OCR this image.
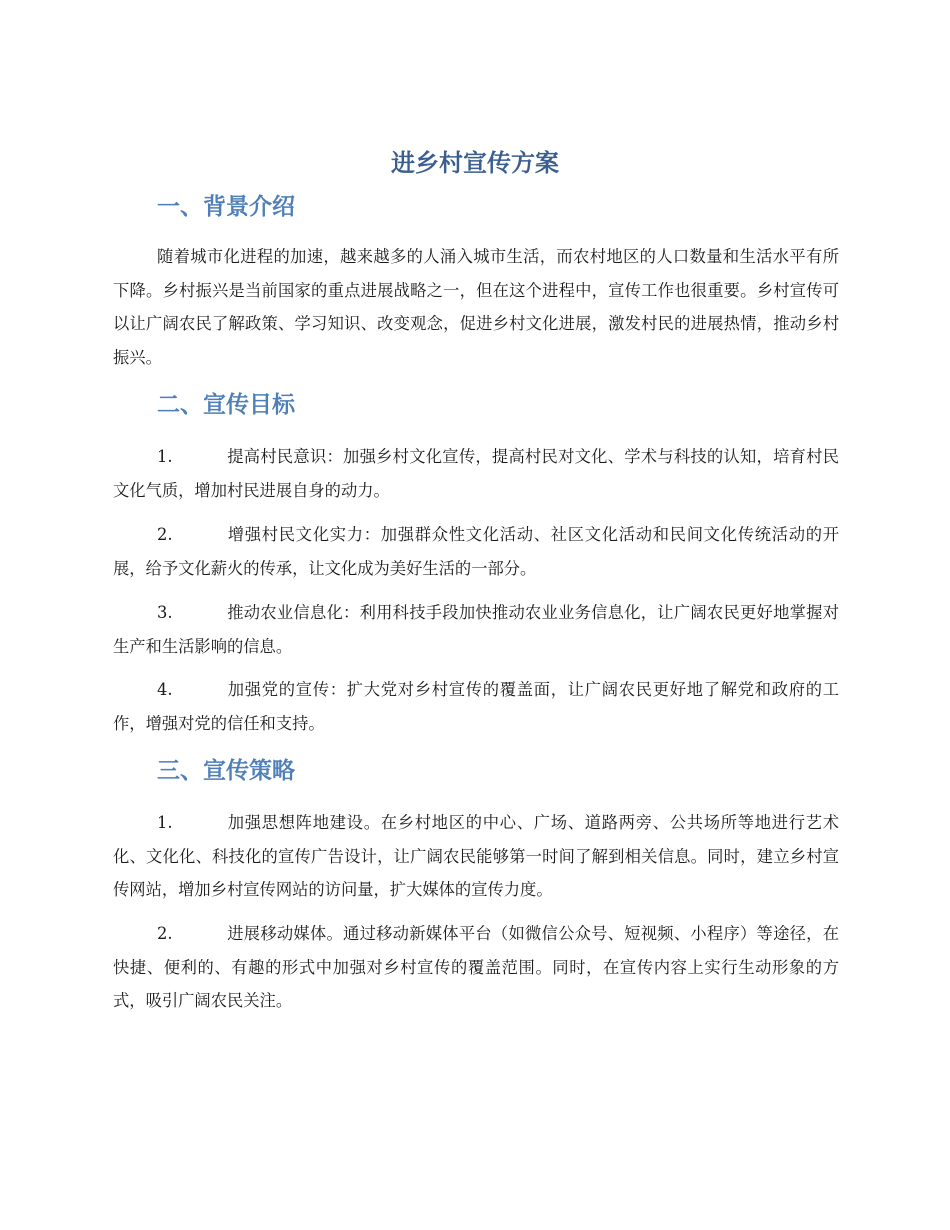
进乡村宣传方案
一、背景介绍

随着城市化进程的加速，越来越多的人涌入城市生活，而农村地区的人口数量和生活水平有所下降。乡村振兴是当前国家的重点进展战略之一，但在这个进程中，宣传工作也很重要。乡村宣传可以让广阔农民了解政策、学习知识、改变观念，促进乡村文化进展，激发村民的进展热情，推动乡村振兴。

二、宣传目标

1.	提高村民意识：加强乡村文化宣传，提高村民对文化、学术与科技的认知，培育村民文化气质，增加村民进展自身的动力。

2.	增强村民文化实力：加强群众性文化活动、社区文化活动和民间文化传统活动的开展，给予文化薪火的传承，让文化成为美好生活的一部分。

3.	推动农业信息化：利用科技手段加快推动农业业务信息化，让广阔农民更好地掌握对生产和生活影响的信息。

4.	加强党的宣传：扩大党对乡村宣传的覆盖面，让广阔农民更好地了解党和政府的工作，增强对党的信任和支持。

三、宣传策略

1.	加强思想阵地建设。在乡村地区的中心、广场、道路两旁、公共场所等地进行艺术化、文化化、科技化的宣传广告设计，让广阔农民能够第一时间了解到相关信息。同时，建立乡村宣传网站，增加乡村宣传网站的访问量，扩大媒体的宣传力度。

2.	进展移动媒体。通过移动新媒体平台（如微信公众号、短视频、小程序）等途径，在快捷、便利的、有趣的形式中加强对乡村宣传的覆盖范围。同时，在宣传内容上实行生动形象的方式，吸引广阔农民关注。
